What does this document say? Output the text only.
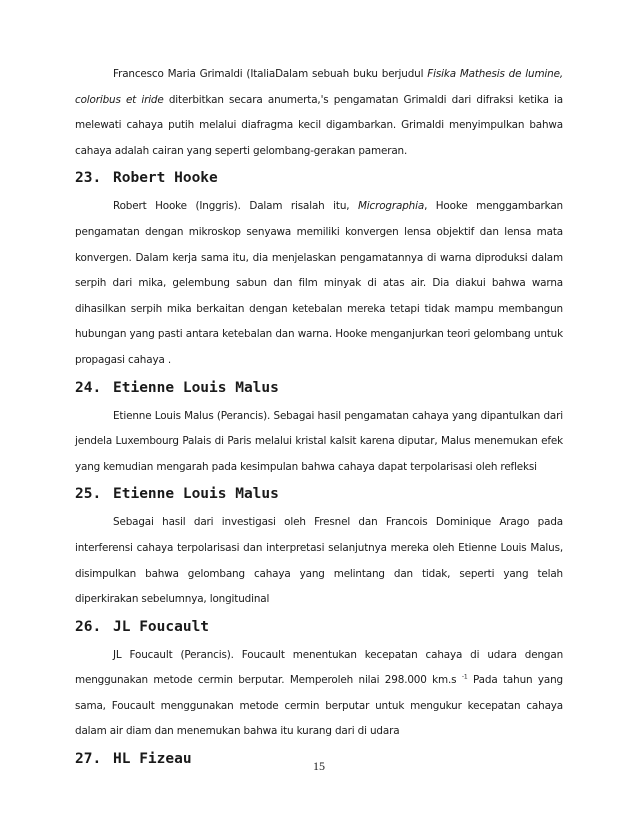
Francesco Maria Grimaldi (ItaliaDalam sebuah buku berjudul Fisika Mathesis de lumine, coloribus et iride diterbitkan secara anumerta,'s pengamatan Grimaldi dari difraksi ketika ia melewati cahaya putih melalui diafragma kecil digambarkan. Grimaldi menyimpulkan bahwa cahaya adalah cairan yang seperti gelombang-gerakan pameran.

23. Robert Hooke

Robert Hooke (Inggris). Dalam risalah itu, Micrographia, Hooke menggambarkan pengamatan dengan mikroskop senyawa memiliki konvergen lensa objektif dan lensa mata konvergen. Dalam kerja sama itu, dia menjelaskan pengamatannya di warna diproduksi dalam serpih dari mika, gelembung sabun dan film minyak di atas air. Dia diakui bahwa warna dihasilkan serpih mika berkaitan dengan ketebalan mereka tetapi tidak mampu membangun hubungan yang pasti antara ketebalan dan warna. Hooke menganjurkan teori gelombang untuk propagasi cahaya .

24. Etienne Louis Malus

Etienne Louis Malus (Perancis). Sebagai hasil pengamatan cahaya yang dipantulkan dari jendela Luxembourg Palais di Paris melalui kristal kalsit karena diputar, Malus menemukan efek yang kemudian mengarah pada kesimpulan bahwa cahaya dapat terpolarisasi oleh refleksi

25. Etienne Louis Malus

Sebagai hasil dari investigasi oleh Fresnel dan Francois Dominique Arago pada interferensi cahaya terpolarisasi dan interpretasi selanjutnya mereka oleh Etienne Louis Malus, disimpulkan bahwa gelombang cahaya yang melintang dan tidak, seperti yang telah diperkirakan sebelumnya, longitudinal

26. JL Foucault

JL Foucault (Perancis). Foucault menentukan kecepatan cahaya di udara dengan menggunakan metode cermin berputar. Memperoleh nilai 298.000 km.s $^{-1}$ Pada tahun yang sama, Foucault menggunakan metode cermin berputar untuk mengukur kecepatan cahaya dalam air diam dan menemukan bahwa itu kurang dari di udara

27. HL Fizeau	15
